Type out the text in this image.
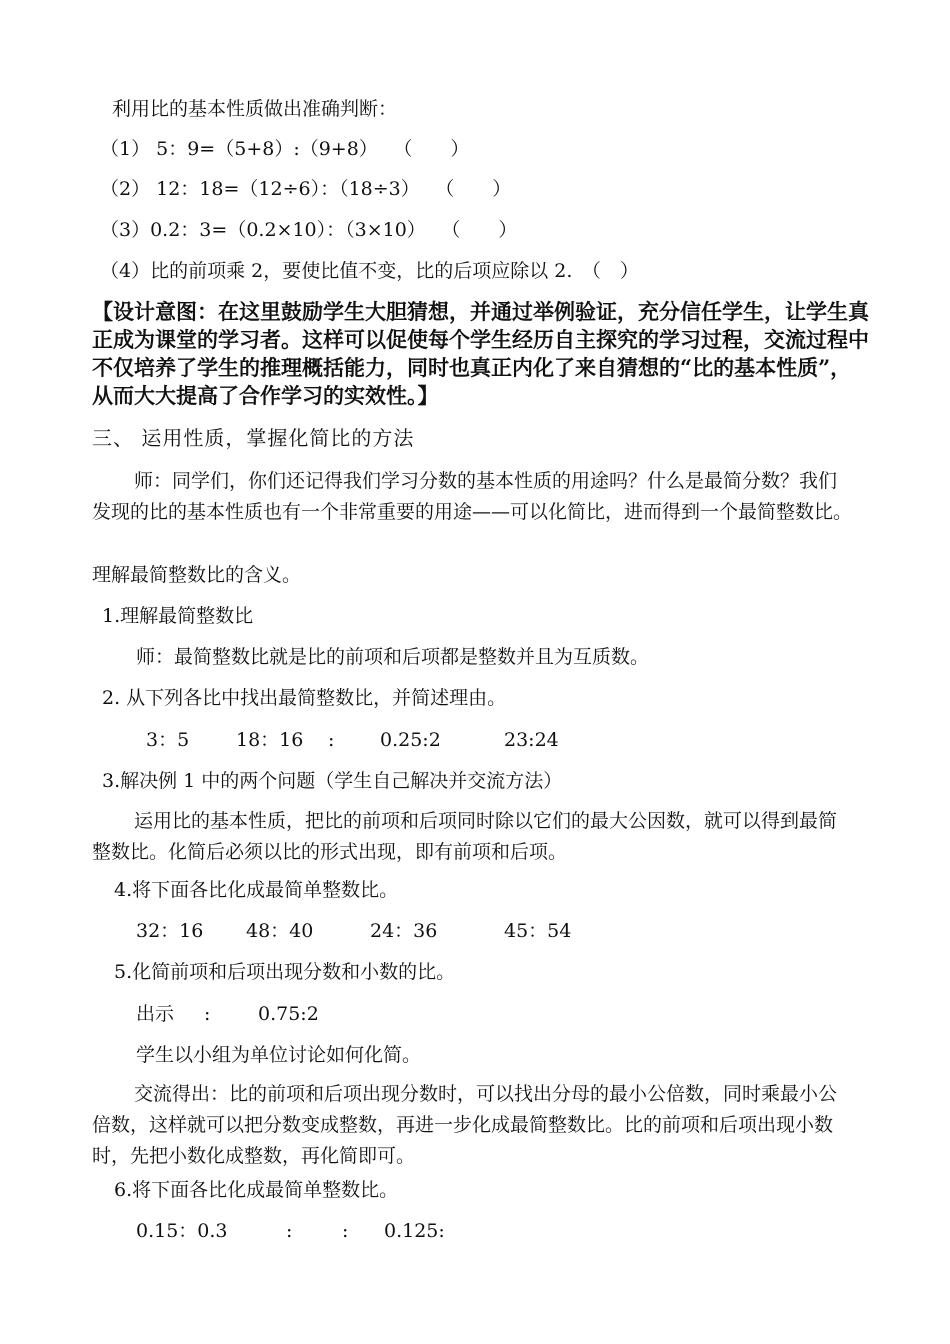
利用比的基本性质做出准确判断：

（1） 5：9=（5+8）:（9+8）　 （　　）

（2） 12：18=（12÷6）：（18÷3）　 （　　）

（3）0.2：3=（0.2×10）：（3×10）　 （　　）

（4）比的前项乘 2，要使比值不变，比的后项应除以 2.　（　）

【设计意图：在这里鼓励学生大胆猜想，并通过举例验证，充分信任学生，让学生真正成为课堂的学习者。这样可以促使每个学生经历自主探究的学习过程，交流过程中不仅培养了学生的推理概括能力，同时也真正内化了来自猜想的“比的基本性质”，从而大大提高了合作学习的实效性。】

三、 运用性质，掌握化简比的方法

师：同学们，你们还记得我们学习分数的基本性质的用途吗？什么是最简分数？我们发现的比的基本性质也有一个非常重要的用途——可以化简比，进而得到一个最简整数比。

理解最简整数比的含义。

1.理解最简整数比

师：最简整数比就是比的前项和后项都是整数并且为互质数。

2. 从下列各比中找出最简整数比，并简述理由。

3：5 18：16 : 0.25:2	23:24

3.解决例 1 中的两个问题（学生自己解决并交流方法）

运用比的基本性质，把比的前项和后项同时除以它们的最大公因数，就可以得到最简整数比。化简后必须以比的形式出现，即有前项和后项。

4.将下面各比化成最简单整数比。

32：16 48：40	24：36	45：54

5.化简前项和后项出现分数和小数的比。

出示 :	0.75:2

学生以小组为单位讨论如何化简。

交流得出：比的前项和后项出现分数时，可以找出分母的最小公倍数，同时乘最小公倍数，这样就可以把分数变成整数，再进一步化成最简整数比。比的前项和后项出现小数时，先把小数化成整数，再化简即可。

6.将下面各比化成最简单整数比。

0.15：0.3	:	: 0.125:
